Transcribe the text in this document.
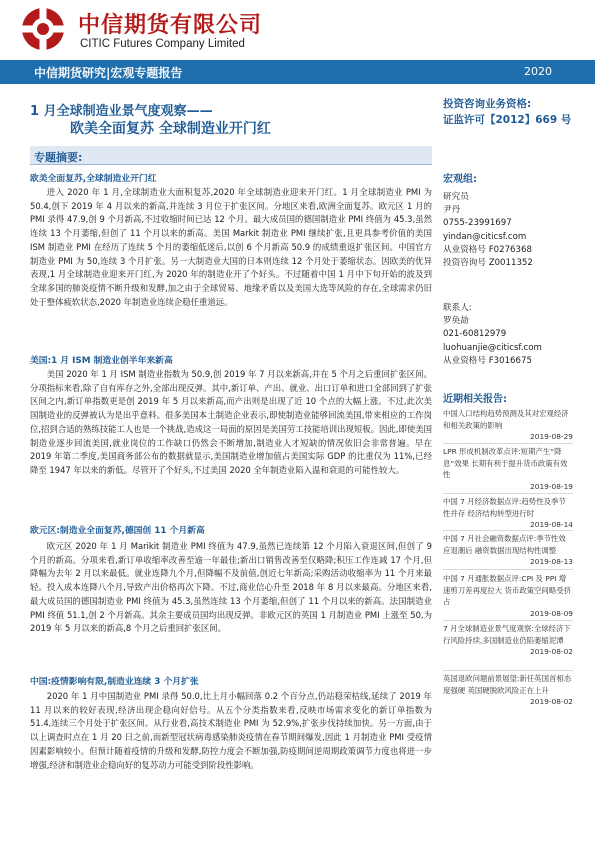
中信期货有限公司
CITIC Futures Company Limited
中信期货研究|宏观专题报告	2020
2-05
1 月全球制造业景气度观察——
欧美全面复苏 全球制造业开门红
专题摘要:
欧美全面复苏,全球制造业开门红
进入 2020 年 1 月,全球制造业大面积复苏,2020 年全球制造业迎来开门红。1 月全球制造业 PMI 为 50.4,创下 2019 年 4 月以来的新高,并连续 3 月位于扩张区间。分地区来看,欧洲全面复苏。欧元区 1 月的 PMI 录得 47.9,创 9 个月新高,不过收缩时间已达 12 个月。最大成员国的德国制造业 PMI 终值为 45.3,虽然连续 13 个月萎缩,但创了 11 个月以来的新高。美国 Markit 制造业 PMI 继续扩张,且更具参考价值的美国 ISM 制造业 PMI 在经历了连续 5 个月的萎缩低迷后,以创 6 个月新高 50.9 的成绩重返扩张区间。中国官方制造业 PMI 为 50,连续 3 个月扩张。另一大制造业大国的日本则连续 12 个月处于萎缩状态。因欧美的优异表现,1 月全球制造业迎来开门红,为 2020 年的制造业开了个好头。不过随着中国 1 月中下旬开始的波及到全球多国的肺炎疫情不断升级和发酵,加之由于全球贸易、地缘矛盾以及美国大选等风险的存在,全球需求仍旧处于整体疲软状态,2020 年制造业连续企稳任重道远。
美国:1 月 ISM 制造业创半年来新高
美国 2020 年 1 月 ISM 制造业指数为 50.9,创 2019 年 7 月以来新高,并在 5 个月之后重回扩张区间。分项指标来看,除了自有库存之外,全部出现反弹。其中,新订单、产出、就业、出口订单和进口全部回到了扩张区间之内,新订单指数更是创 2019 年 5 月以来新高,而产出则是出现了近 10 个点的大幅上涨。不过,此次美国制造业的反弹被认为是出乎意料。很多美国本土制造企业表示,即使制造业能够回流美国,带来相应的工作岗位,招到合适的熟练技能工人也是一个挑战,造成这一局面的原因是美国劳工技能培训出现短板。因此,即使美国制造业逐步回流美国,就业岗位的工作缺口仍然会不断增加,制造业人才短缺的情况依旧会非常普遍。早在 2019 年第二季度,美国商务部公布的数据就显示,美国制造业增加值占美国实际 GDP 的比重仅为 11%,已经降至 1947 年以来的新低。尽管开了个好头,不过美国 2020 全年制造业陷入温和衰退的可能性较大。
欧元区:制造业全面复苏,德国创 11 个月新高
欧元区 2020 年 1 月 Marikit 制造业 PMI 终值为 47.9,虽然已连续第 12 个月陷入衰退区间,但创了 9 个月的新高。分项来看,新订单收缩率改善至逾一年最佳;新出口销售改善至仅略降;积压工作连减 17 个月,但降幅为去年 2 月以来最低。就业连降九个月,但降幅不及前值,创近七年新高;采购活动收缩率为 11 个月来最轻。投入成本连降八个月,导致产出价格再次下降。不过,商业信心升至 2018 年 8 月以来最高。分地区来看,最大成员国的德国制造业 PMI 终值为 45.3,虽然连续 13 个月萎缩,但创了 11 个月以来的新高。法国制造业 PMI 终值 51.1,创 2 个月新高。其余主要成员国均出现反弹。非欧元区的英国 1 月制造业 PMI 上涨至 50,为 2019 年 5 月以来的新高,8 个月之后重回扩张区间。
中国:疫情影响有限,制造业连续 3 个月扩张
2020 年 1 月中国制造业 PMI 录得 50.0,比上月小幅回落 0.2 个百分点,仍站稳荣枯线,延续了 2019 年 11 月以来的较好表现,经济出现企稳向好信号。从五个分类指数来看,反映市场需求变化的新订单指数为 51.4,连续三个月处于扩张区间。从行业看,高技术制造业 PMI 为 52.9%,扩张步伐持续加快。另一方面,由于以上调查时点在 1 月 20 日之前,而新型冠状病毒感染肺炎疫情在春节期间爆发,因此 1 月制造业 PMI 受疫情因素影响较小。但预计随着疫情的升级和发酵,防控力度会不断加强,防疫期间逆周期政策调节力度也将进一步增强,经济和制造业企稳向好的复苏动力可能受到阶段性影响。
投资咨询业务资格:
证监许可【2012】669 号
宏观组:
研究员
尹丹
0755-23991697
yindan@citicsf.com
从业资格号 F0276368
投资咨询号 Z0011352
联系人:
罗奂劼
021-60812979
luohuanjie@citicsf.com
从业资格号 F3016675
近期相关报告:
中国人口结构趋势预测及其对宏观经济和相关政策的影响
2019-08-29
LPR 形成机制改革点评:短期产生“降息”效果 长期有利于提升货币政策有效性
2019-08-19
中国 7 月经济数据点评:趋势性及季节性并存 经济结构转型进行时
2019-08-14
中国 7 月社会融资数据点评:季节性效应退潮后 融资数据出现结构性调整
2019-08-13
中国 7 月通胀数据点评:CPI 及 PPI 增速剪刀差再度拉大 货币政策空间略受挤占
2019-08-09
7 月全球制造业景气度观察:全球经济下行风险持续,多国制造业仍陷萎缩泥潭
2019-08-02
英国退欧问题前景展望:新任英国首相态度强硬 英国硬脱欧风险正在上升
2019-08-02
